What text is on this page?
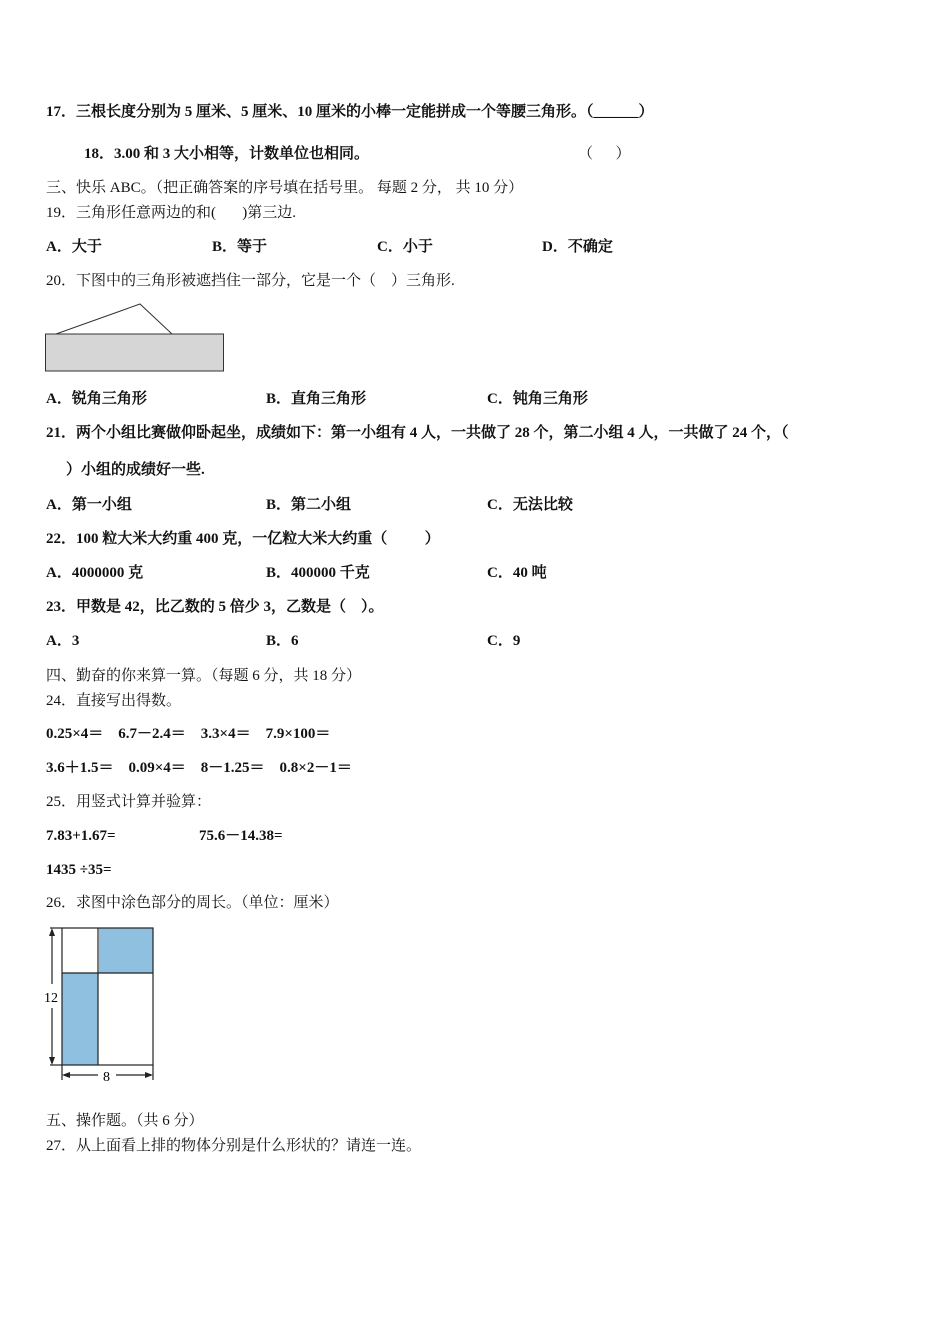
17．三根长度分别为 5 厘米、5 厘米、10 厘米的小棒一定能拼成一个等腰三角形。（______）
18．3.00 和 3 大小相等，计数单位也相同。	（      ）
三、快乐 ABC。（把正确答案的序号填在括号里。 每题 2 分， 共 10 分）
19．三角形任意两边的和(       )第三边.
A．大于	B．等于	C．小于	D．不确定
20．下图中的三角形被遮挡住一部分，它是一个（    ）三角形.
A．锐角三角形	B．直角三角形	C．钝角三角形
21．两个小组比赛做仰卧起坐，成绩如下：第一小组有 4 人，一共做了 28 个，第二小组 4 人，一共做了 24 个，（
）小组的成绩好一些.
A．第一小组	B．第二小组	C．无法比较
22．100 粒大米大约重 400 克，一亿粒大米大约重（          ）
A．4000000 克	B．400000 千克	C．40 吨
23．甲数是 42，比乙数的 5 倍少 3，乙数是（    ）。
A．3	B．6	C．9
四、勤奋的你来算一算。（每题 6 分，共 18 分）
24．直接写出得数。
0.25×4＝    6.7－2.4＝    3.3×4＝    7.9×100＝
3.6＋1.5＝    0.09×4＝    8－1.25＝    0.8×2－1＝
25．用竖式计算并验算：
7.83+1.67=	75.6－14.38=
1435 ÷35=
26．求图中涂色部分的周长。（单位：厘米）
12
8
五、操作题。（共 6 分）
27．从上面看上排的物体分别是什么形状的？请连一连。
